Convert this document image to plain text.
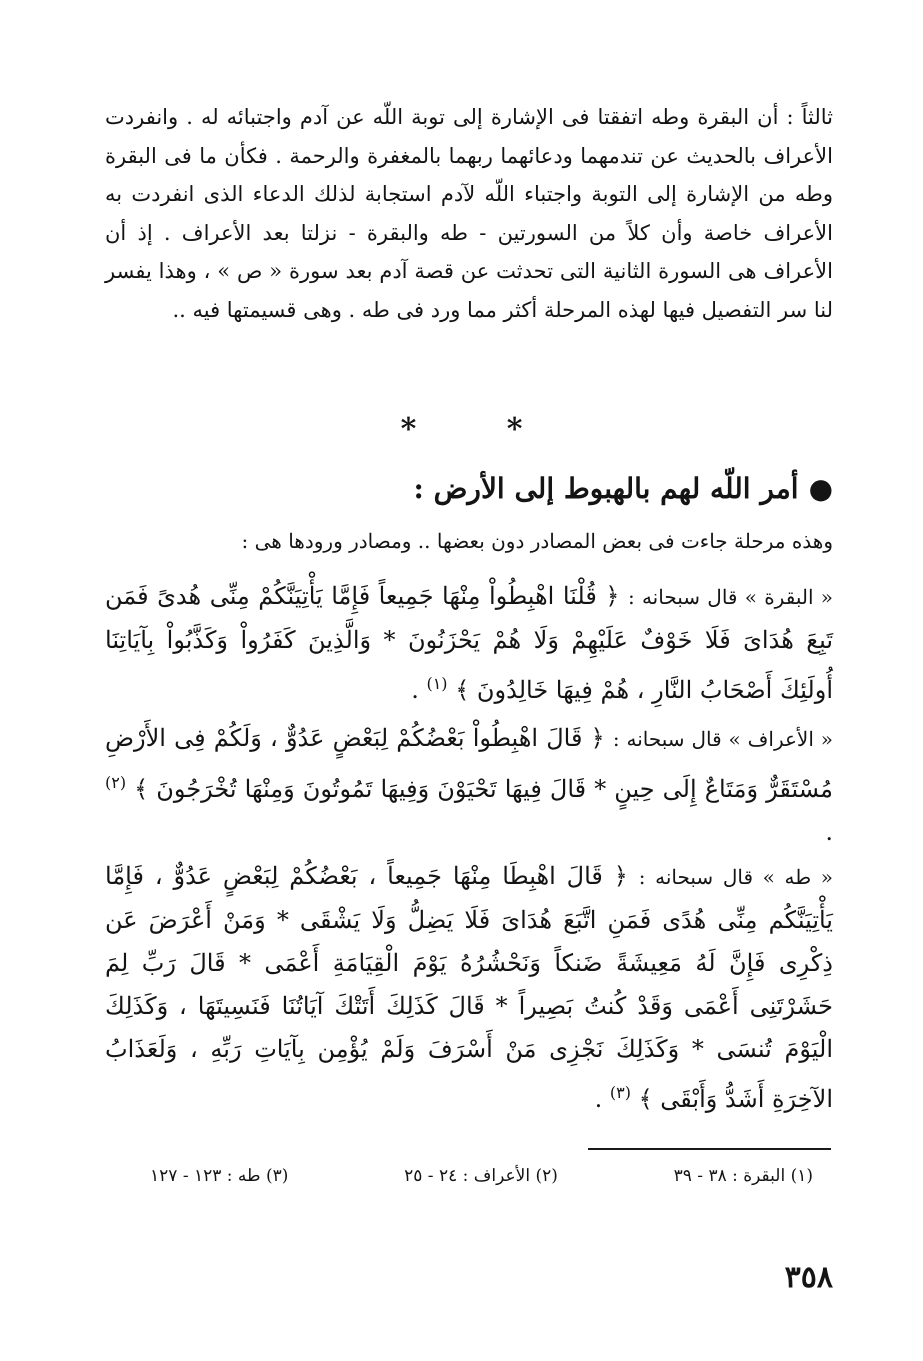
ثالثاً : أن البقرة وطه اتفقتا فى الإشارة إلى توبة اللّه عن آدم واجتبائه له . وانفردت الأعراف بالحديث عن تندمهما ودعائهما ربهما بالمغفرة والرحمة . فكأن ما فى البقرة وطه من الإشارة إلى التوبة واجتباء اللّه لآدم استجابة لذلك الدعاء الذى انفردت به الأعراف خاصة وأن كلاً من السورتين - طه والبقرة - نزلتا بعد الأعراف . إذ أن الأعراف هى السورة الثانية التى تحدثت عن قصة آدم بعد سورة « ص » ، وهذا يفسر لنا سر التفصيل فيها لهذه المرحلة أكثر مما ورد فى طه . وهى قسيمتها فيه ..

* *
●أمر اللّه لهم بالهبوط إلى الأرض :

وهذه مرحلة جاءت فى بعض المصادر دون بعضها .. ومصادر ورودها هى :

« البقرة » قال سبحانه : ﴿ قُلْنَا اهْبِطُواْ مِنْهَا جَمِيعاً فَإِمَّا يَأْتِيَنَّكُمْ مِنِّى هُدىً فَمَن تَبِعَ هُدَاىَ فَلَا خَوْفٌ عَلَيْهِمْ وَلَا هُمْ يَحْزَنُونَ * وَالَّذِينَ كَفَرُواْ وَكَذَّبُواْ بِآيَاتِنَا أُولَئِكَ أَصْحَابُ النَّارِ ، هُمْ فِيهَا خَالِدُونَ ﴾ $^{(١)}$ .

« الأعراف » قال سبحانه : ﴿ قَالَ اهْبِطُواْ بَعْضُكُمْ لِبَعْضٍ عَدُوٌّ ، وَلَكُمْ فِى الأَرْضِ مُسْتَقَرٌّ وَمَتَاعٌ إِلَى حِينٍ * قَالَ فِيهَا تَحْيَوْنَ وَفِيهَا تَمُوتُونَ وَمِنْهَا تُخْرَجُونَ ﴾ $^{(٢)}$ .

« طه » قال سبحانه : ﴿ قَالَ اهْبِطَا مِنْهَا جَمِيعاً ، بَعْضُكُمْ لِبَعْضٍ عَدُوٌّ ، فَإِمَّا يَأْتِيَنَّكُم مِنِّى هُدًى فَمَنِ اتَّبَعَ هُدَاىَ فَلَا يَضِلُّ وَلَا يَشْقَى * وَمَنْ أَعْرَضَ عَن ذِكْرِى فَإِنَّ لَهُ مَعِيشَةً ضَنكاً وَنَحْشُرُهُ يَوْمَ الْقِيَامَةِ أَعْمَى * قَالَ رَبِّ لِمَ حَشَرْتَنِى أَعْمَى وَقَدْ كُنتُ بَصِيراً * قَالَ كَذَلِكَ أَتَتْكَ آيَاتُنَا فَنَسِيتَهَا ، وَكَذَلِكَ الْيَوْمَ تُنسَى * وَكَذَلِكَ نَجْزِى مَنْ أَسْرَفَ وَلَمْ يُؤْمِن بِآيَاتِ رَبِّهِ ، وَلَعَذَابُ الآخِرَةِ أَشَدُّ وَأَبْقَى ﴾ $^{(٣)}$ .

(١) البقرة : ٣٨ - ٣٩
(٢) الأعراف : ٢٤ - ٢٥
(٣) طه : ١٢٣ - ١٢٧
٣٥٨
